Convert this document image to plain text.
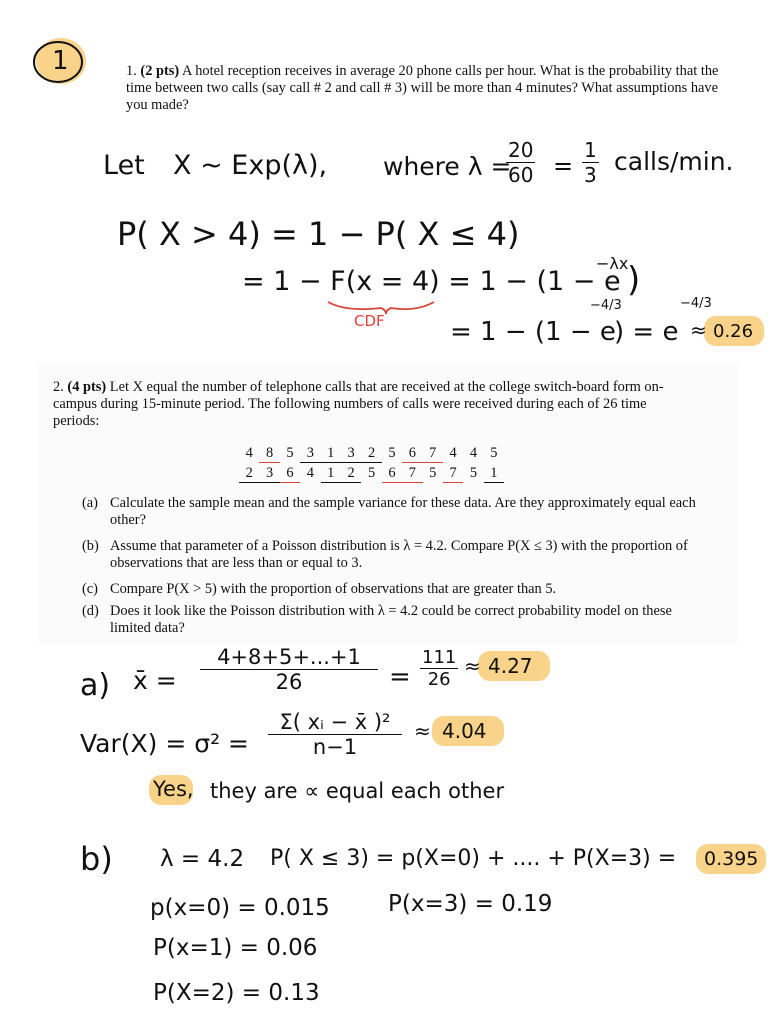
1	1. (2 pts) A hotel reception receives in average 20 phone calls per hour. What is the probability that the time between two calls (say call # 2 and call # 3) will be more than 4 minutes? What assumptions have you made?
Let X ~ Exp(λ), where λ =
$\frac{20}{60} = \frac{1}{3}$ calls/min.
P( X > 4) = 1 − P( X ≤ 4)
= 1 − F(x = 4) = 1 − (1 − e
−λx
)
CDF	= 1 − (1 − e
−4/3
) = e
−4/3
≈ 0.26
2. (4 pts) Let X equal the number of telephone calls that are received at the college switch-board form on-campus during 15-minute period. The following numbers of calls were received during each of 26 time periods:
4 8 5 3 1 3 2 5 6 7 4 4 5
2 3 6 4 1 2 5 6 7 5 7 5 1
(a) Calculate the sample mean and the sample variance for these data. Are they approximately equal each other?
(b) Assume that parameter of a Poisson distribution is λ = 4.2. Compare P(X ≤ 3) with the proportion of observations that are less than or equal to 3.
(c) Compare P(X > 5) with the proportion of observations that are greater than 5.
(d) Does it look like the Poisson distribution with λ = 4.2 could be correct probability model on these limited data?
a) x̄ = $\frac{4+8+5+...+1}{26} = \frac{111}{26} \approx 4.27$
$Var(X) = \sigma^2 = \frac{\text{Σ( xᵢ − x̄ )²}}{n-1} \approx 4.04$
Yes, they are ∝ equal each other
b) λ = 4.2 P( X ≤ 3) = p(X=0) + .... + P(X=3) = 0.395
p(x=0) = 0.015	P(x=3) = 0.19
P(x=1) = 0.06
P(X=2) = 0.13
